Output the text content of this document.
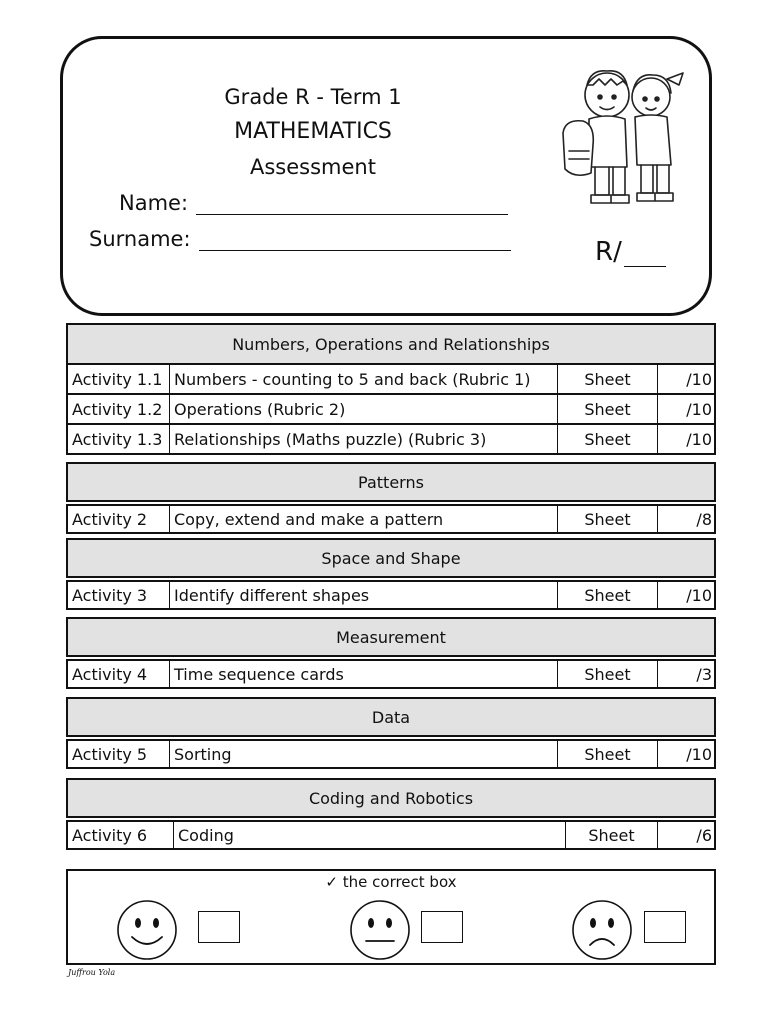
Grade R - Term 1
MATHEMATICS
Assessment
Name:
Surname:	R/
Numbers, Operations and Relationships
Activity 1.1 Numbers - counting to 5 and back (Rubric 1)	Sheet	/10
Activity 1.2 Operations (Rubric 2)	Sheet	/10
Activity 1.3 Relationships (Maths puzzle) (Rubric 3)	Sheet	/10
Patterns
Activity 2	Copy, extend and make a pattern	Sheet	/8
Space and Shape
Activity 3	Identify different shapes	Sheet	/10
Measurement
Activity 4	Time sequence cards	Sheet	/3
Data
Activity 5	Sorting	Sheet	/10
Coding and Robotics
Activity 6	Coding	Sheet	/6
✓ the correct box
Juffrou Yola
